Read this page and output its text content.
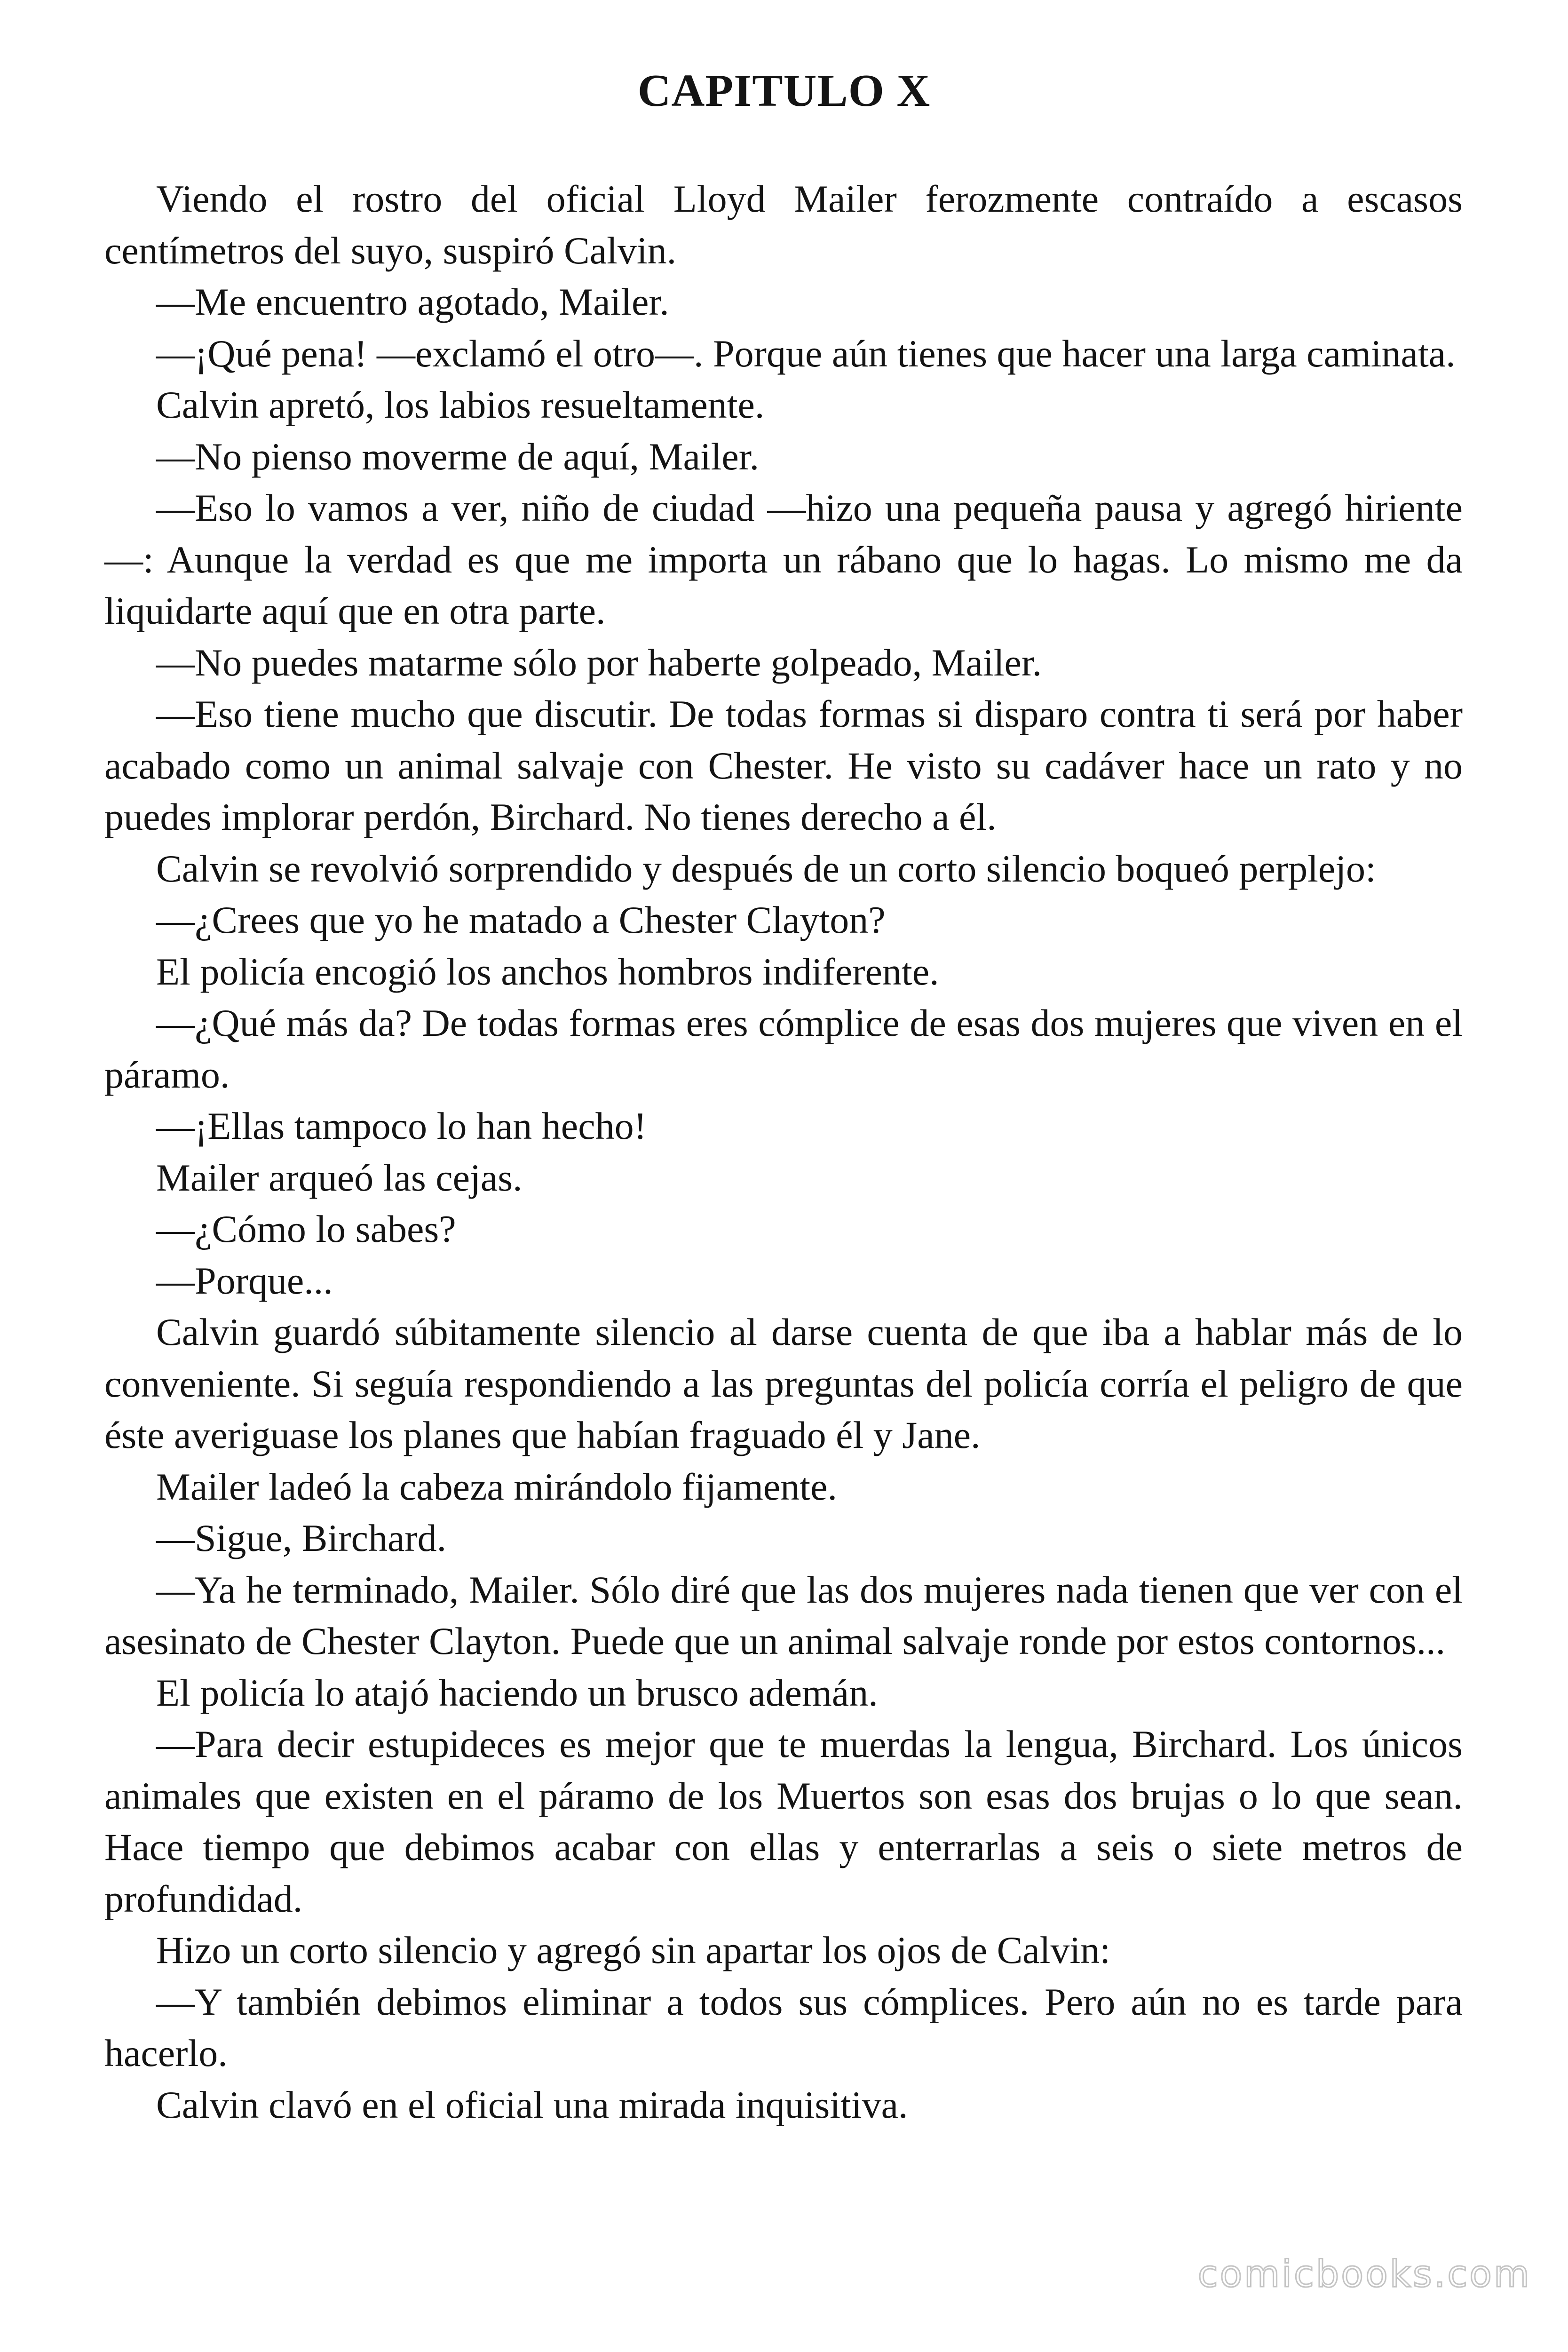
CAPITULO X

Viendo el rostro del oficial Lloyd Mailer ferozmente contraído a escasos centímetros del suyo, suspiró Calvin.

—Me encuentro agotado, Mailer.

—¡Qué pena! —exclamó el otro—. Porque aún tienes que hacer una larga caminata.

Calvin apretó, los labios resueltamente.

—No pienso moverme de aquí, Mailer.

—Eso lo vamos a ver, niño de ciudad —hizo una pequeña pausa y agregó hiriente—: Aunque la verdad es que me importa un rábano que lo hagas. Lo mismo me da liquidarte aquí que en otra parte.

—No puedes matarme sólo por haberte golpeado, Mailer.

—Eso tiene mucho que discutir. De todas formas si disparo contra ti será por haber acabado como un animal salvaje con Chester. He visto su cadáver hace un rato y no puedes implorar perdón, Birchard. No tienes derecho a él.

Calvin se revolvió sorprendido y después de un corto silencio boqueó perplejo:

—¿Crees que yo he matado a Chester Clayton?

El policía encogió los anchos hombros indiferente.

—¿Qué más da? De todas formas eres cómplice de esas dos mujeres que viven en el páramo.

—¡Ellas tampoco lo han hecho!

Mailer arqueó las cejas.

—¿Cómo lo sabes?

—Porque...

Calvin guardó súbitamente silencio al darse cuenta de que iba a hablar más de lo conveniente. Si seguía respondiendo a las preguntas del policía corría el peligro de que éste averiguase los planes que habían fraguado él y Jane.

Mailer ladeó la cabeza mirándolo fijamente.

—Sigue, Birchard.

—Ya he terminado, Mailer. Sólo diré que las dos mujeres nada tienen que ver con el asesinato de Chester Clayton. Puede que un animal salvaje ronde por estos contornos...

El policía lo atajó haciendo un brusco ademán.

—Para decir estupideces es mejor que te muerdas la lengua, Birchard. Los únicos animales que existen en el páramo de los Muertos son esas dos brujas o lo que sean. Hace tiempo que debimos acabar con ellas y enterrarlas a seis o siete metros de profundidad.

Hizo un corto silencio y agregó sin apartar los ojos de Calvin:

—Y también debimos eliminar a todos sus cómplices. Pero aún no es tarde para hacerlo.

Calvin clavó en el oficial una mirada inquisitiva.

comicbooks.com
